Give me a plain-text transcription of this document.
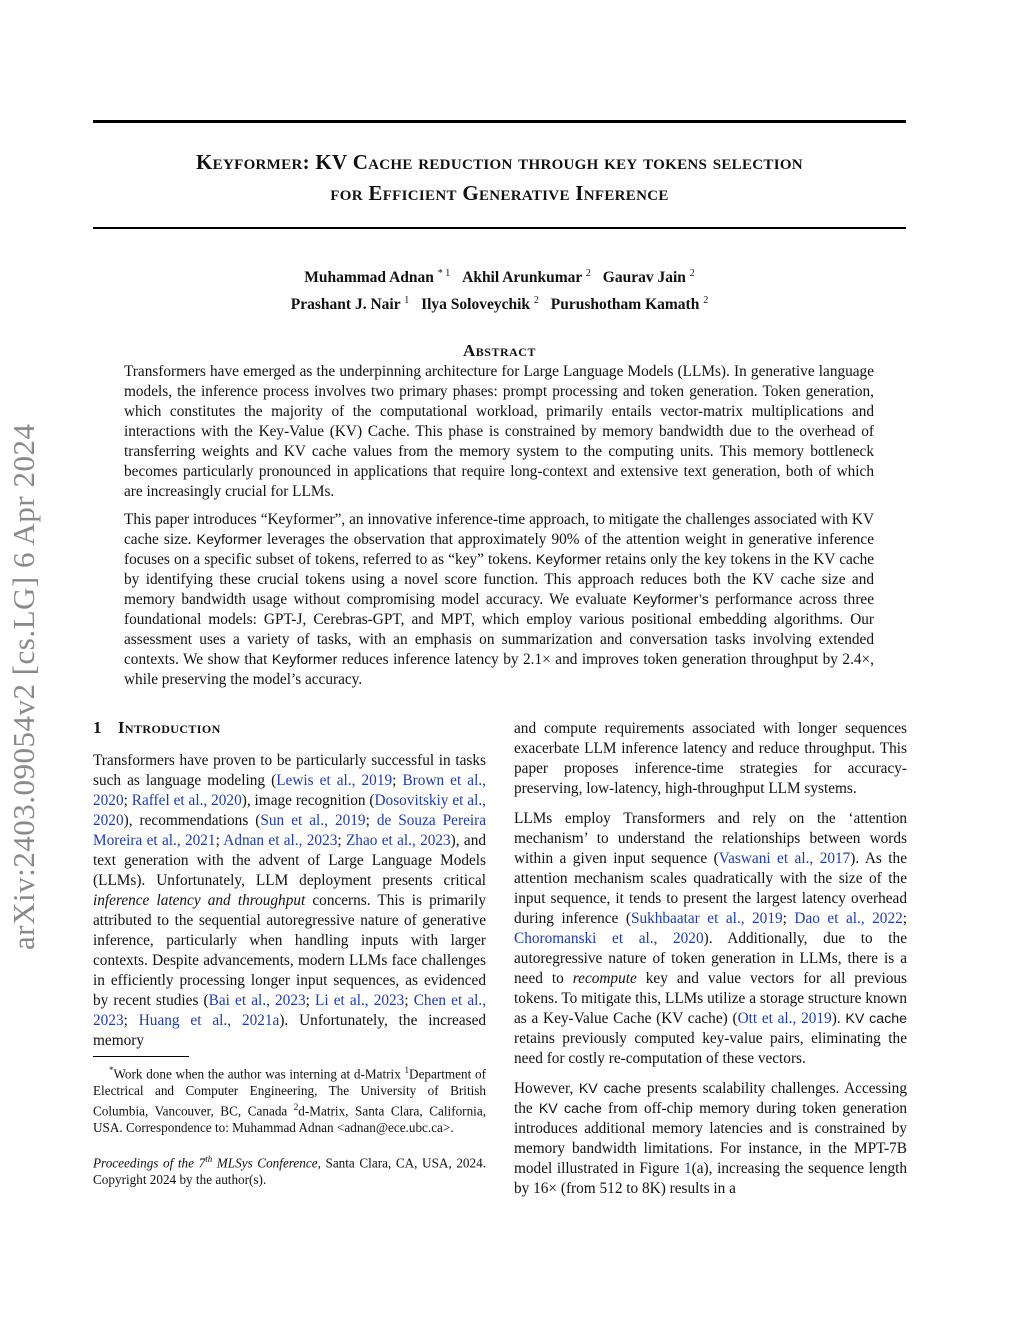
arXiv:2403.09054v2 [cs.LG] 6 Apr 2024
Keyformer: KV Cache reduction through key tokens selection
for Efficient Generative Inference
Muhammad Adnan $^{* 1}$ Akhil Arunkumar $^2$ Gaurav Jain $^2$
Prashant J. Nair $^1$ Ilya Soloveychik $^2$ Purushotham Kamath $^2$
Abstract

Transformers have emerged as the underpinning architecture for Large Language Models (LLMs). In generative language models, the inference process involves two primary phases: prompt processing and token generation. Token generation, which constitutes the majority of the computational workload, primarily entails vector-matrix multiplications and interactions with the Key-Value (KV) Cache. This phase is constrained by memory bandwidth due to the overhead of transferring weights and KV cache values from the memory system to the computing units. This memory bottleneck becomes particularly pronounced in applications that require long-context and extensive text generation, both of which are increasingly crucial for LLMs.

This paper introduces “Keyformer”, an innovative inference-time approach, to mitigate the challenges associated with KV cache size. Keyformer leverages the observation that approximately 90% of the attention weight in generative inference focuses on a specific subset of tokens, referred to as “key” tokens. Keyformer retains only the key tokens in the KV cache by identifying these crucial tokens using a novel score function. This approach reduces both the KV cache size and memory bandwidth usage without compromising model accuracy. We evaluate Keyformer’s performance across three foundational models: GPT-J, Cerebras-GPT, and MPT, which employ various positional embedding algorithms. Our assessment uses a variety of tasks, with an emphasis on summarization and conversation tasks involving extended contexts. We show that Keyformer reduces inference latency by 2.1× and improves token generation throughput by 2.4×, while preserving the model’s accuracy.

1 Introduction

Transformers have proven to be particularly successful in tasks such as language modeling (Lewis et al., 2019; Brown et al., 2020; Raffel et al., 2020), image recognition (Dosovitskiy et al., 2020), recommendations (Sun et al., 2019; de Souza Pereira Moreira et al., 2021; Adnan et al., 2023; Zhao et al., 2023), and text generation with the advent of Large Language Models (LLMs). Unfortunately, LLM deployment presents critical inference latency and throughput concerns. This is primarily attributed to the sequential autoregressive nature of generative inference, particularly when handling inputs with larger contexts. Despite advancements, modern LLMs face challenges in efficiently processing longer input sequences, as evidenced by recent studies (Bai et al., 2023; Li et al., 2023; Chen et al., 2023; Huang et al., 2021a). Unfortunately, the increased memory

*Work done when the author was interning at d-Matrix $^1$Department of Electrical and Computer Engineering, The University of British Columbia, Vancouver, BC, Canada $^2$d-Matrix, Santa Clara, California, USA. Correspondence to: Muhammad Adnan <adnan@ece.ubc.ca>.

Proceedings of the 7th MLSys Conference, Santa Clara, CA, USA, 2024. Copyright 2024 by the author(s).

and compute requirements associated with longer sequences exacerbate LLM inference latency and reduce throughput. This paper proposes inference-time strategies for accuracy-preserving, low-latency, high-throughput LLM systems.

LLMs employ Transformers and rely on the ‘attention mechanism’ to understand the relationships between words within a given input sequence (Vaswani et al., 2017). As the attention mechanism scales quadratically with the size of the input sequence, it tends to present the largest latency overhead during inference (Sukhbaatar et al., 2019; Dao et al., 2022; Choromanski et al., 2020). Additionally, due to the autoregressive nature of token generation in LLMs, there is a need to recompute key and value vectors for all previous tokens. To mitigate this, LLMs utilize a storage structure known as a Key-Value Cache (KV cache) (Ott et al., 2019). KV cache retains previously computed key-value pairs, eliminating the need for costly re-computation of these vectors.

However, KV cache presents scalability challenges. Accessing the KV cache from off-chip memory during token generation introduces additional memory latencies and is constrained by memory bandwidth limitations. For instance, in the MPT-7B model illustrated in Figure 1(a), increasing the sequence length by 16× (from 512 to 8K) results in a
